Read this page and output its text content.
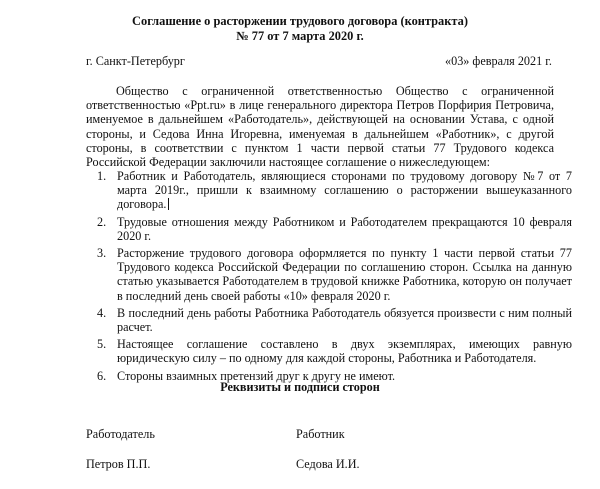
Соглашение о расторжении трудового договора (контракта)
№ 77 от 7 марта 2020 г.
г. Санкт-Петербург	«03» февраля 2021 г.
Общество с ограниченной ответственностью Общество с ограниченной ответственностью «Ppt.ru» в лице генерального директора Петров Порфирия Петровича, именуемое в дальнейшем «Работодатель», действующей на основании Устава, с одной стороны, и Седова Инна Игоревна, именуемая в дальнейшем «Работник», с другой стороны, в соответствии с пунктом 1 части первой статьи 77 Трудового кодекса Российской Федерации заключили настоящее соглашение о нижеследующем:
1. Работник и Работодатель, являющиеся сторонами по трудовому договору №7 от 7 марта 2019г., пришли к взаимному соглашению о расторжении вышеуказанного договора.
2. Трудовые отношения между Работником и Работодателем прекращаются 10 февраля 2020 г.
3. Расторжение трудового договора оформляется по пункту 1 части первой статьи 77 Трудового кодекса Российской Федерации по соглашению сторон. Ссылка на данную статью указывается Работодателем в трудовой книжке Работника, которую он получает в последний день своей работы «10» февраля 2020 г.
4. В последний день работы Работника Работодатель обязуется произвести с ним полный расчет.
5. Настоящее соглашение составлено в двух экземплярах, имеющих равную юридическую силу – по одному для каждой стороны, Работника и Работодателя.
6. Стороны взаимных претензий друг к другу не имеют.
Реквизиты и подписи сторон
Работодатель	Работник
Петров П.П.	Седова И.И.
